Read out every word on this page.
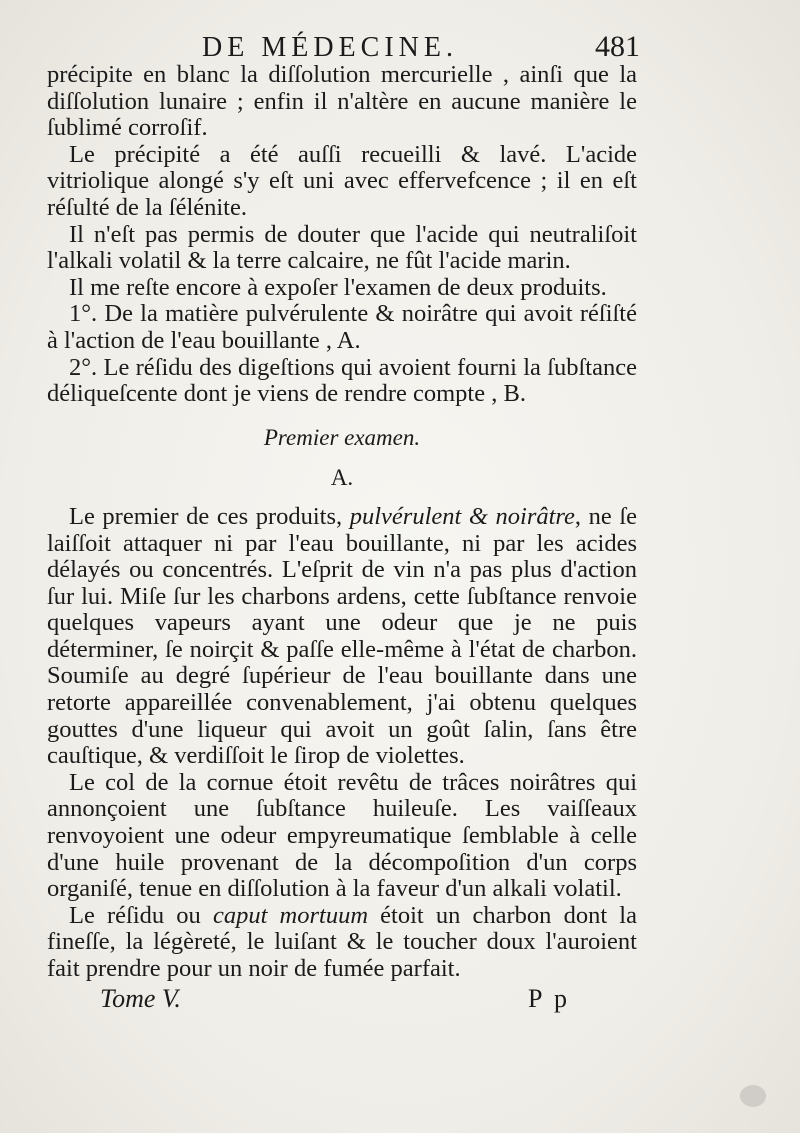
DE MÉDECINE.	481

précipite en blanc la diſſolution mercurielle , ainſi que la diſſolution lunaire ; enfin il n'altère en aucune manière le ſublimé corroſif.

Le précipité a été auſſi recueilli & lavé. L'acide vitriolique alongé s'y eſt uni avec effervefcence ; il en eſt réſulté de la ſélénite.

Il n'eſt pas permis de douter que l'acide qui neutraliſoit l'alkali volatil & la terre calcaire, ne fût l'acide marin.

Il me reſte encore à expoſer l'examen de deux produits.

1°. De la matière pulvérulente & noirâtre qui avoit réſiſté à l'action de l'eau bouillante , A.

2°. Le réſidu des digeſtions qui avoient fourni la ſubſtance déliqueſcente dont je viens de rendre compte , B.

Premier examen.
A.

Le premier de ces produits, pulvérulent & noirâtre, ne ſe laiſſoit attaquer ni par l'eau bouillante, ni par les acides délayés ou concentrés. L'eſprit de vin n'a pas plus d'action ſur lui. Miſe ſur les charbons ardens, cette ſubſtance renvoie quelques vapeurs ayant une odeur que je ne puis déterminer, ſe noirçit & paſſe elle-même à l'état de charbon. Soumiſe au degré ſupérieur de l'eau bouillante dans une retorte appareillée convenablement, j'ai obtenu quelques gouttes d'une liqueur qui avoit un goût ſalin, ſans être cauſtique, & verdiſſoit le ſirop de violettes.

Le col de la cornue étoit revêtu de trâces noirâtres qui annonçoient une ſubſtance huileuſe. Les vaiſſeaux renvoyoient une odeur empyreumatique ſemblable à celle d'une huile provenant de la décompoſition d'un corps organiſé, tenue en diſſolution à la faveur d'un alkali volatil.

Le réſidu ou caput mortuum étoit un charbon dont la fineſſe, la légèreté, le luiſant & le toucher doux l'auroient fait prendre pour un noir de fumée parfait.

Tome V.	P p
